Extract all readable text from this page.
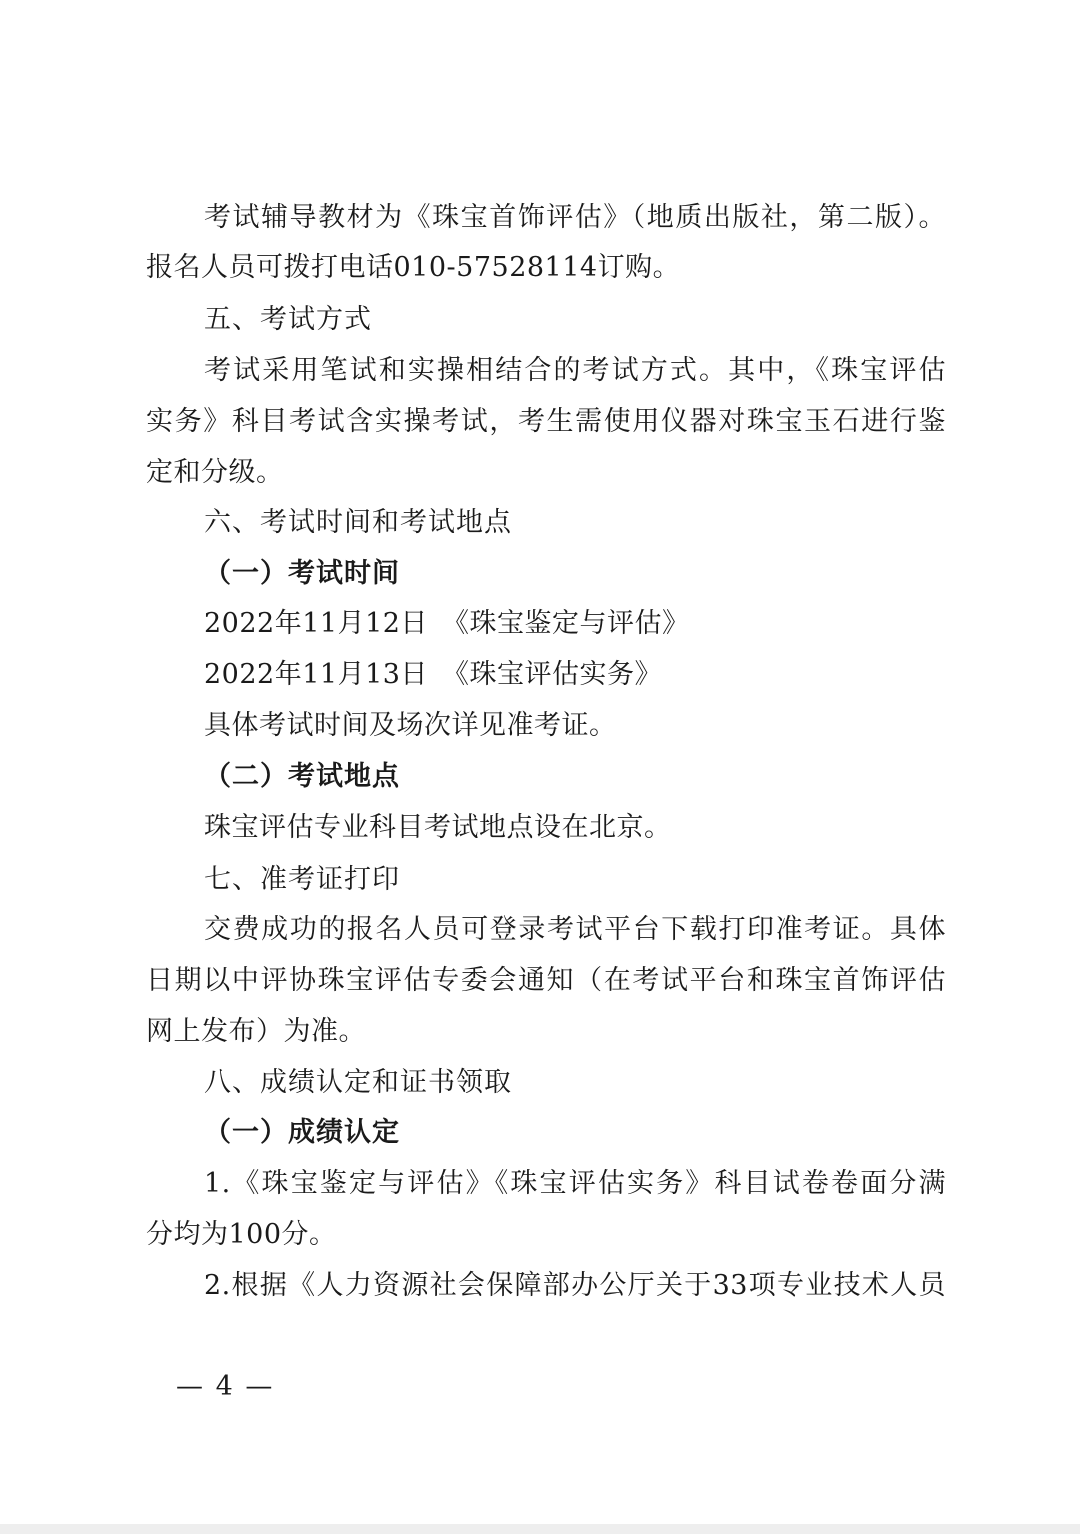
考试辅导教材为《珠宝首饰评估》（地质出版社，第二版）。
报名人员可拨打电话010-57528114订购。
五、考试方式
考试采用笔试和实操相结合的考试方式。其中，《珠宝评估
实务》科目考试含实操考试，考生需使用仪器对珠宝玉石进行鉴
定和分级。
六、考试时间和考试地点
（一）考试时间
2022年11月12日 《珠宝鉴定与评估》
2022年11月13日 《珠宝评估实务》
具体考试时间及场次详见准考证。
（二）考试地点
珠宝评估专业科目考试地点设在北京。
七、准考证打印
交费成功的报名人员可登录考试平台下载打印准考证。具体
日期以中评协珠宝评估专委会通知（在考试平台和珠宝首饰评估
网上发布）为准。
八、成绩认定和证书领取
（一）成绩认定
1.《珠宝鉴定与评估》《珠宝评估实务》科目试卷卷面分满
分均为100分。
2.根据《人力资源社会保障部办公厅关于33项专业技术人员
— 4 —
